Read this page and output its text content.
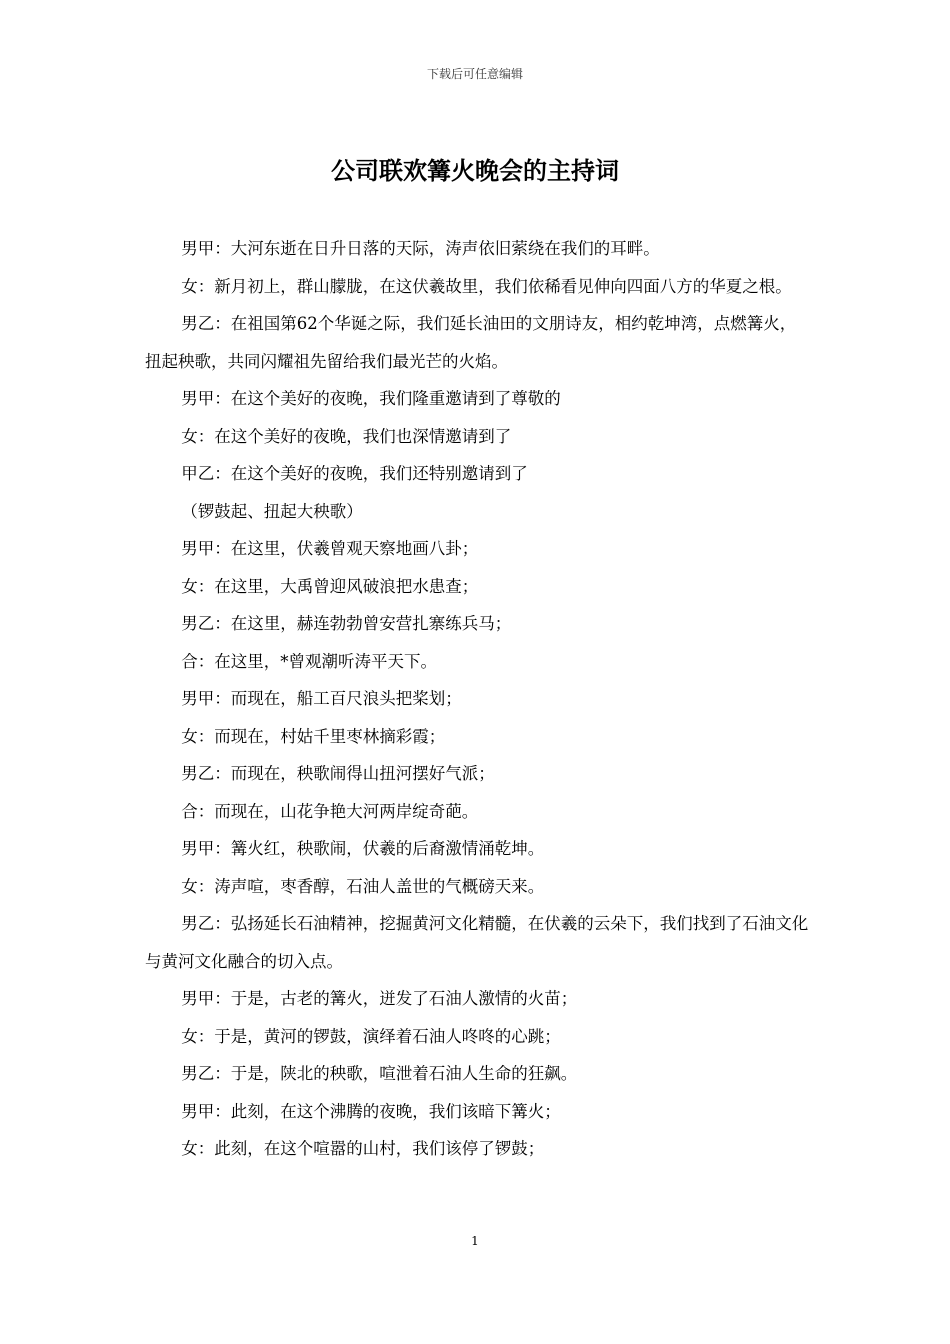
下载后可任意编辑
公司联欢篝火晚会的主持词

男甲：大河东逝在日升日落的天际，涛声依旧萦绕在我们的耳畔。

女：新月初上，群山朦胧，在这伏羲故里，我们依稀看见伸向四面八方的华夏之根。

男乙：在祖国第62个华诞之际，我们延长油田的文朋诗友，相约乾坤湾，点燃篝火，扭起秧歌，共同闪耀祖先留给我们最光芒的火焰。

男甲：在这个美好的夜晚，我们隆重邀请到了尊敬的

女：在这个美好的夜晚，我们也深情邀请到了

甲乙：在这个美好的夜晚，我们还特别邀请到了

（锣鼓起、扭起大秧歌）

男甲：在这里，伏羲曾观天察地画八卦；

女：在这里，大禹曾迎风破浪把水患查；

男乙：在这里，赫连勃勃曾安营扎寨练兵马；

合：在这里，*曾观潮听涛平天下。

男甲：而现在，船工百尺浪头把桨划；

女：而现在，村姑千里枣林摘彩霞；

男乙：而现在，秧歌闹得山扭河摆好气派；

合：而现在，山花争艳大河两岸绽奇葩。

男甲：篝火红，秧歌闹，伏羲的后裔激情涌乾坤。

女：涛声喧，枣香醇，石油人盖世的气概磅天来。

男乙：弘扬延长石油精神，挖掘黄河文化精髓，在伏羲的云朵下，我们找到了石油文化与黄河文化融合的切入点。

男甲：于是，古老的篝火，迸发了石油人激情的火苗；

女：于是，黄河的锣鼓，演绎着石油人咚咚的心跳；

男乙：于是，陕北的秧歌，喧泄着石油人生命的狂飙。

男甲：此刻，在这个沸腾的夜晚，我们该暗下篝火；

女：此刻，在这个喧嚣的山村，我们该停了锣鼓；

1
